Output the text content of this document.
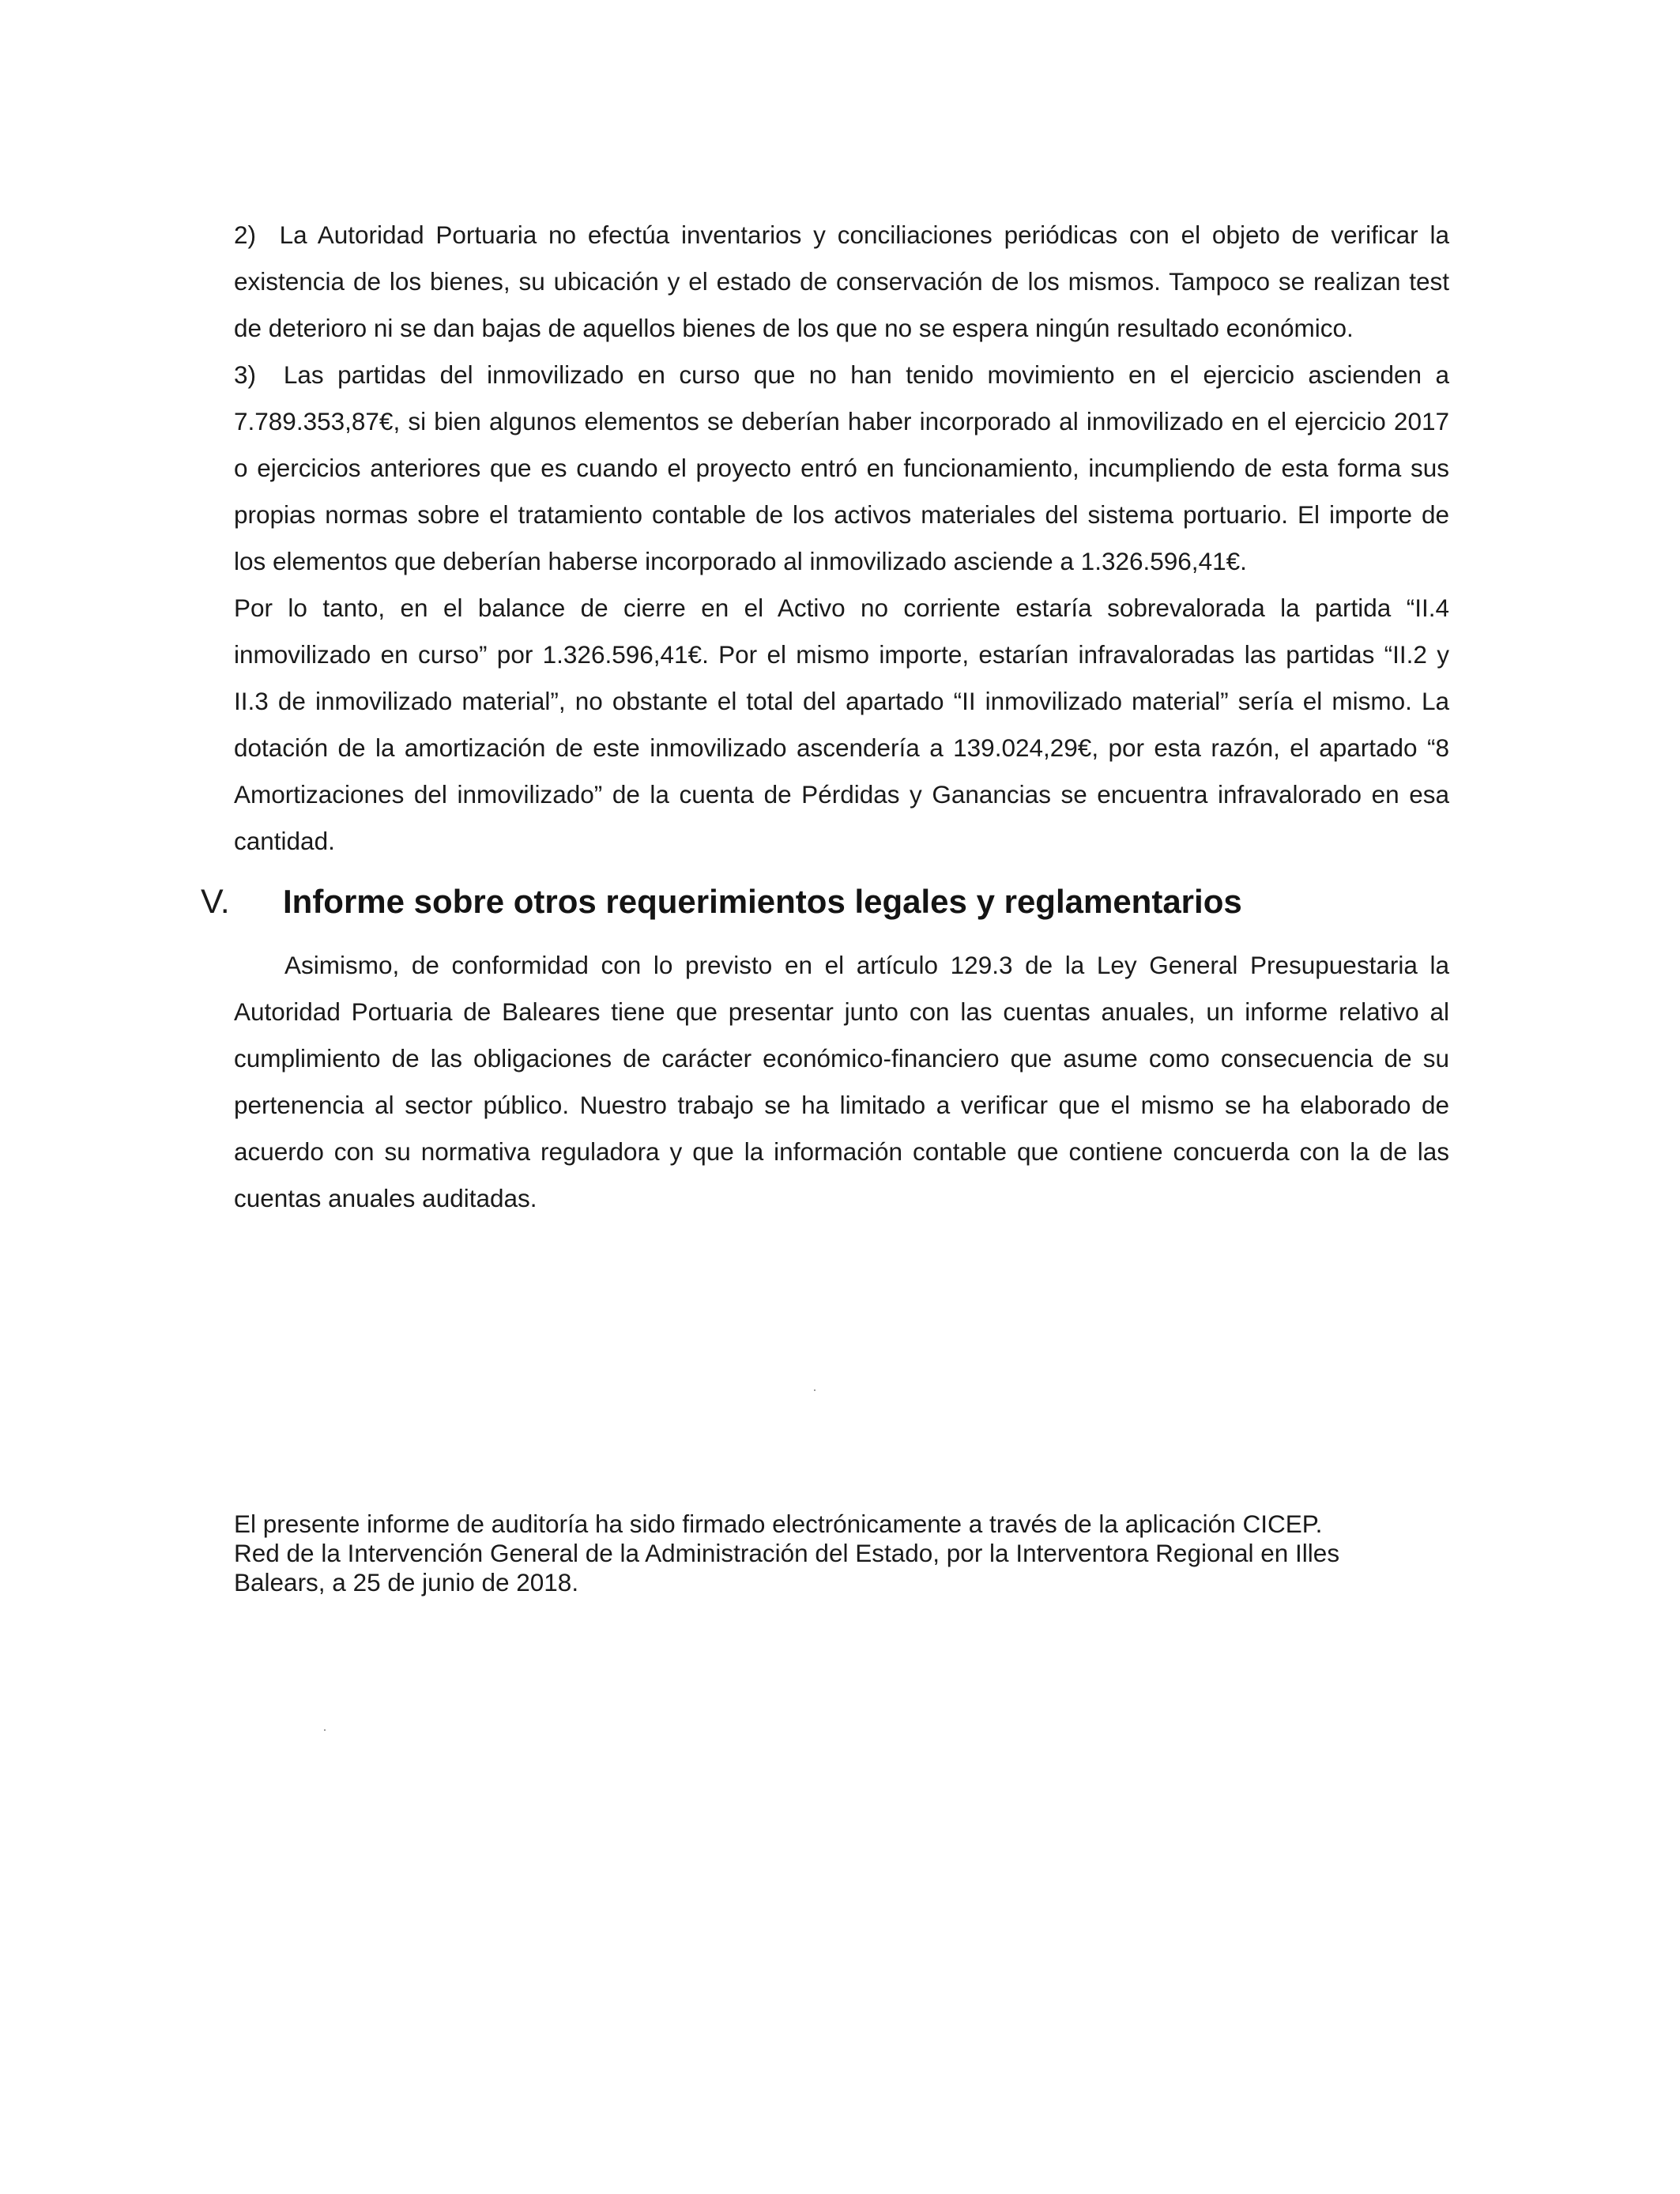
2) La Autoridad Portuaria no efectúa inventarios y conciliaciones periódicas con el objeto de verificar la existencia de los bienes, su ubicación y el estado de conservación de los mismos. Tampoco se realizan test de deterioro ni se dan bajas de aquellos bienes de los que no se espera ningún resultado económico.

3) Las partidas del inmovilizado en curso que no han tenido movimiento en el ejercicio ascienden a 7.789.353,87€, si bien algunos elementos se deberían haber incorporado al inmovilizado en el ejercicio 2017 o ejercicios anteriores que es cuando el proyecto entró en funcionamiento, incumpliendo de esta forma sus propias normas sobre el tratamiento contable de los activos materiales del sistema portuario. El importe de los elementos que deberían haberse incorporado al inmovilizado asciende a 1.326.596,41€.

Por lo tanto, en el balance de cierre en el Activo no corriente estaría sobrevalorada la partida “II.4 inmovilizado en curso” por 1.326.596,41€. Por el mismo importe, estarían infravaloradas las partidas “II.2 y II.3 de inmovilizado material”, no obstante el total del apartado “II inmovilizado material” sería el mismo. La dotación de la amortización de este inmovilizado ascendería a 139.024,29€, por esta razón, el apartado “8 Amortizaciones del inmovilizado” de la cuenta de Pérdidas y Ganancias se encuentra infravalorado en esa cantidad.

V.	Informe sobre otros requerimientos legales y reglamentarios

Asimismo, de conformidad con lo previsto en el artículo 129.3 de la Ley General Presupuestaria la Autoridad Portuaria de Baleares tiene que presentar junto con las cuentas anuales, un informe relativo al cumplimiento de las obligaciones de carácter económico-financiero que asume como consecuencia de su pertenencia al sector público. Nuestro trabajo se ha limitado a verificar que el mismo se ha elaborado de acuerdo con su normativa reguladora y que la información contable que contiene concuerda con la de las cuentas anuales auditadas.

El presente informe de auditoría ha sido firmado electrónicamente a través de la aplicación CICEP.
Red de la Intervención General de la Administración del Estado, por la Interventora Regional en Illes
Balears, a 25 de junio de 2018.
